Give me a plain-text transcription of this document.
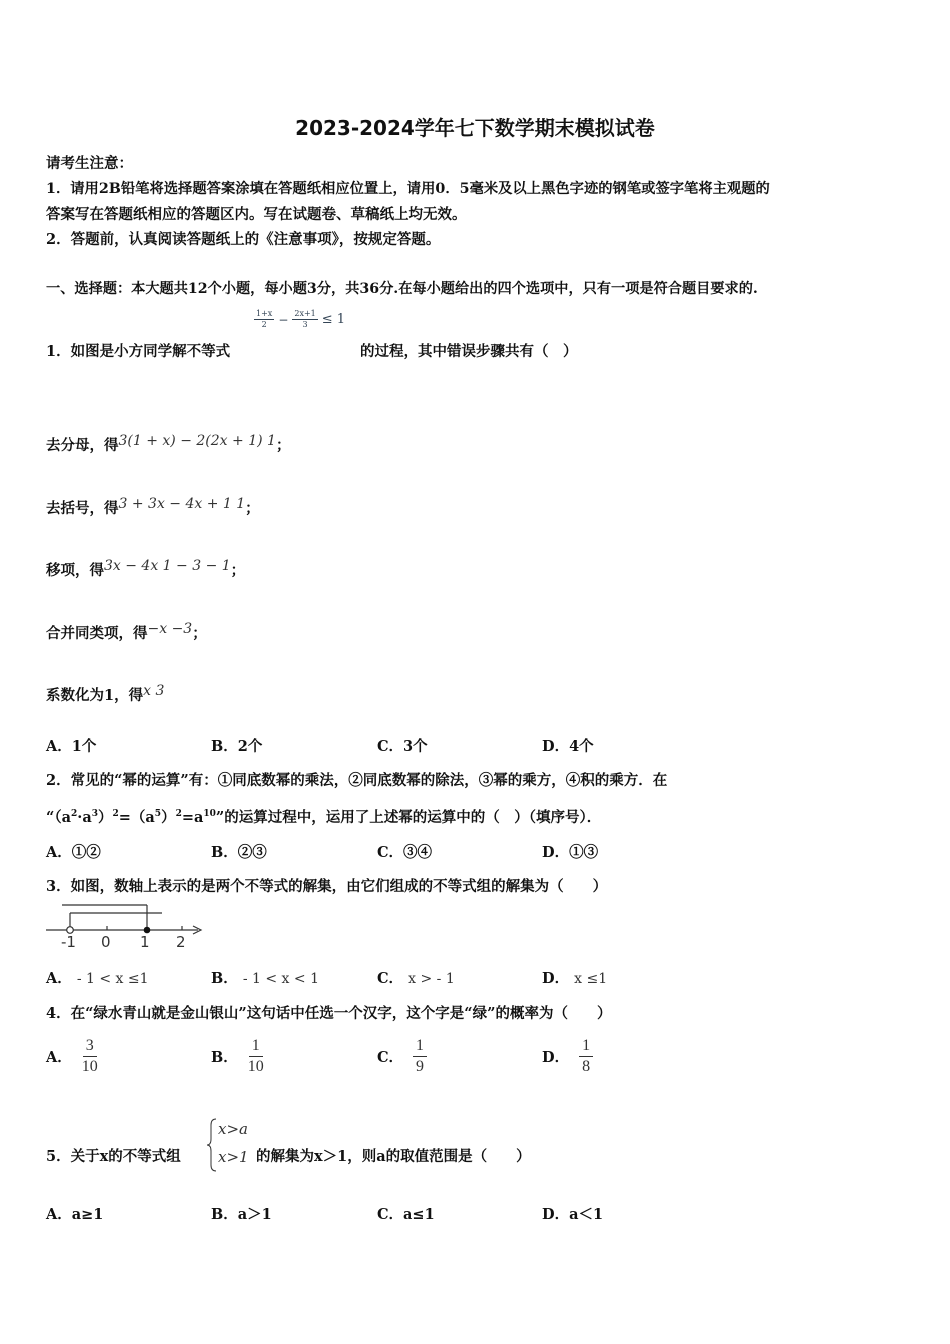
2023-2024学年七下数学期末模拟试卷
请考生注意：
1．请用2B铅笔将选择题答案涂填在答题纸相应位置上，请用0．5毫米及以上黑色字迹的钢笔或签字笔将主观题的
答案写在答题纸相应的答题区内。写在试题卷、草稿纸上均无效。
2．答题前，认真阅读答题纸上的《注意事项》，按规定答题。
一、选择题：本大题共12个小题，每小题3分，共36分.在每小题给出的四个选项中，只有一项是符合题目要求的.
1．如图是小方同学解不等式
$\frac{1+x}{2} - \frac{2x+1}{3} \le 1$
的过程，其中错误步骤共有（　）
去分母，得3(1 + x) − 2(2x + 1) 1；
去括号，得3 + 3x − 4x + 1 1；
移项，得3x − 4x 1 − 3 − 1；
合并同类项，得−x −3；
系数化为1，得x 3
A．1个	B．2个	C．3个	D．4个
2．常见的“幂的运算”有：①同底数幂的乘法，②同底数幂的除法，③幂的乘方，④积的乘方．在
“$(a^2\cdot a^3)^2=(a^5)^2=a^{10}$”的运算过程中，运用了上述幂的运算中的（　）（填序号）．
A．①②	B．②③	C．③④	D．①③
3．如图，数轴上表示的是两个不等式的解集，由它们组成的不等式组的解集为（　　）
-1 0 1 2
A． - 1 < x ≤1	B． - 1 < x < 1	C． x > - 1	D． x ≤1
4．在“绿水青山就是金山银山”这句话中任选一个汉字，这个字是“绿”的概率为（　　）
A． $\frac{3}{10}$	B． $\frac{1}{10}$	C． $\frac{1}{9}$	D． $\frac{1}{8}$
5．关于x的不等式组
x>a
x>1 的解集为x＞1，则a的取值范围是（　　）
A．a≥1	B．a＞1	C．a≤1	D．a＜1
